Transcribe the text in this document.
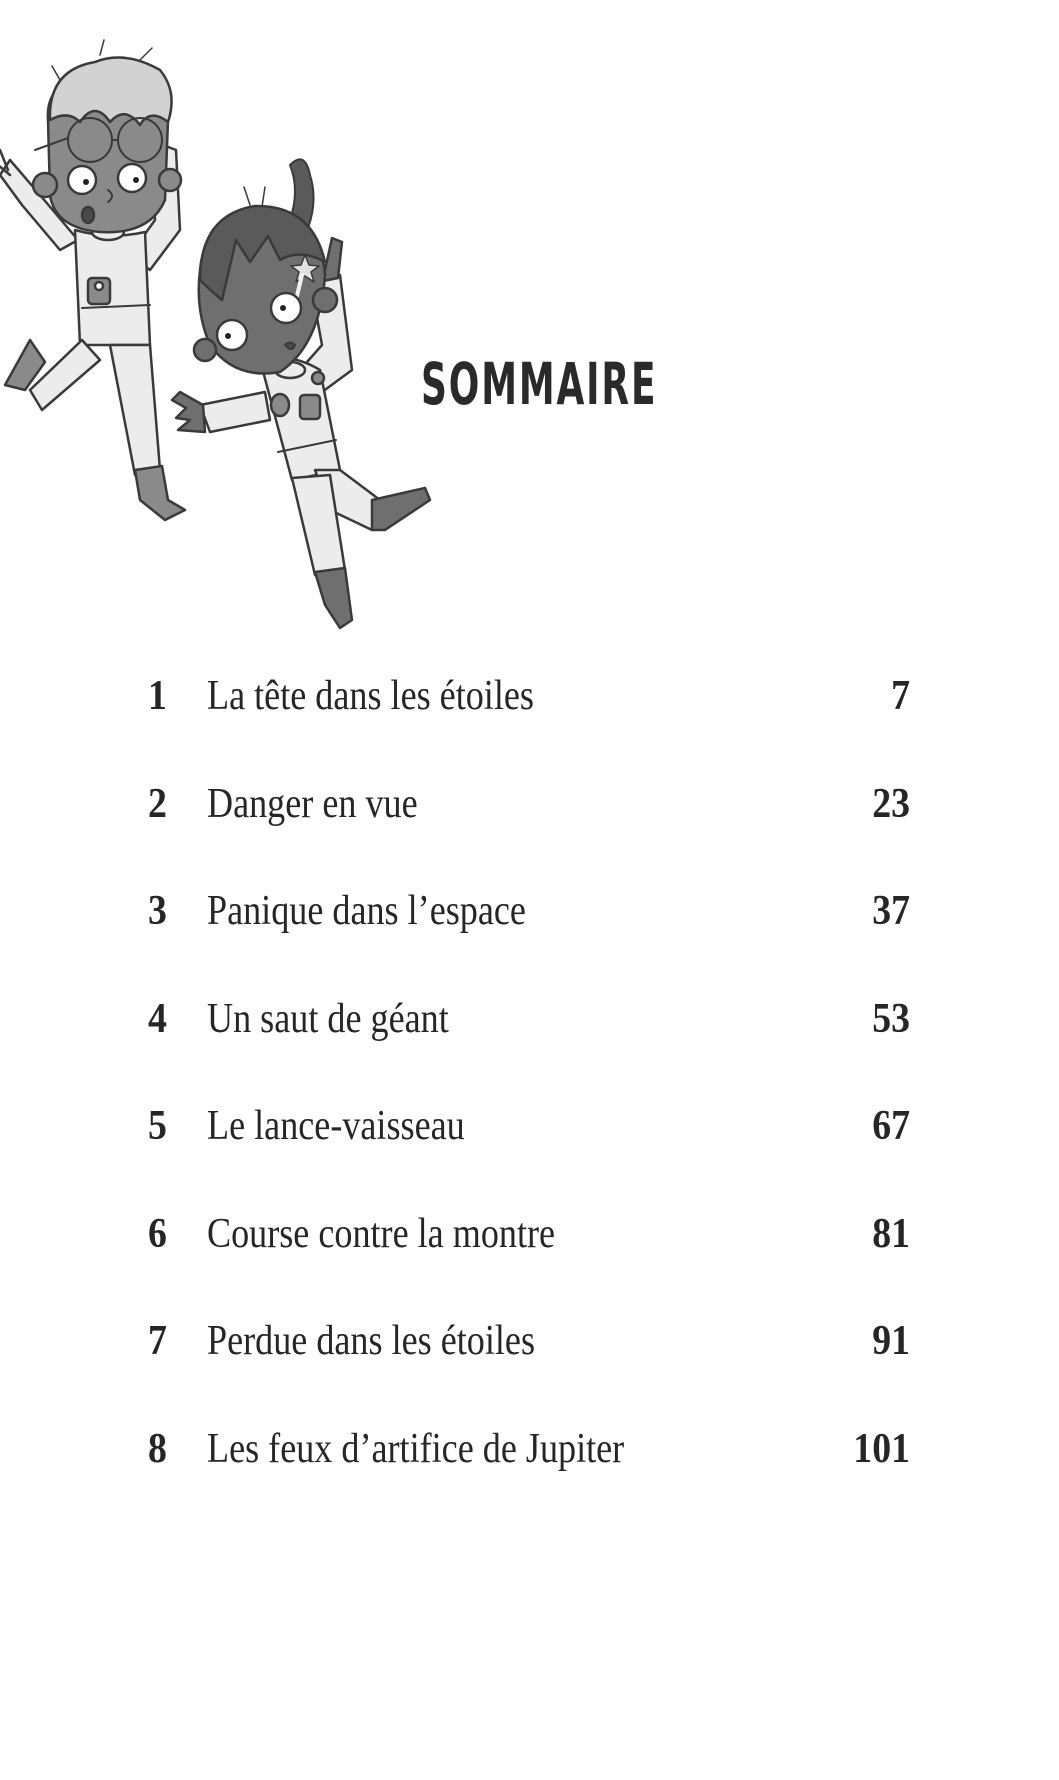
SOMMAIRE
1 La tête dans les étoiles	7
2 Danger en vue	23
3 Panique dans l’espace	37
4 Un saut de géant	53
5 Le lance-vaisseau	67
6 Course contre la montre	81
7 Perdue dans les étoiles	91
8 Les feux d’artifice de Jupiter	101
